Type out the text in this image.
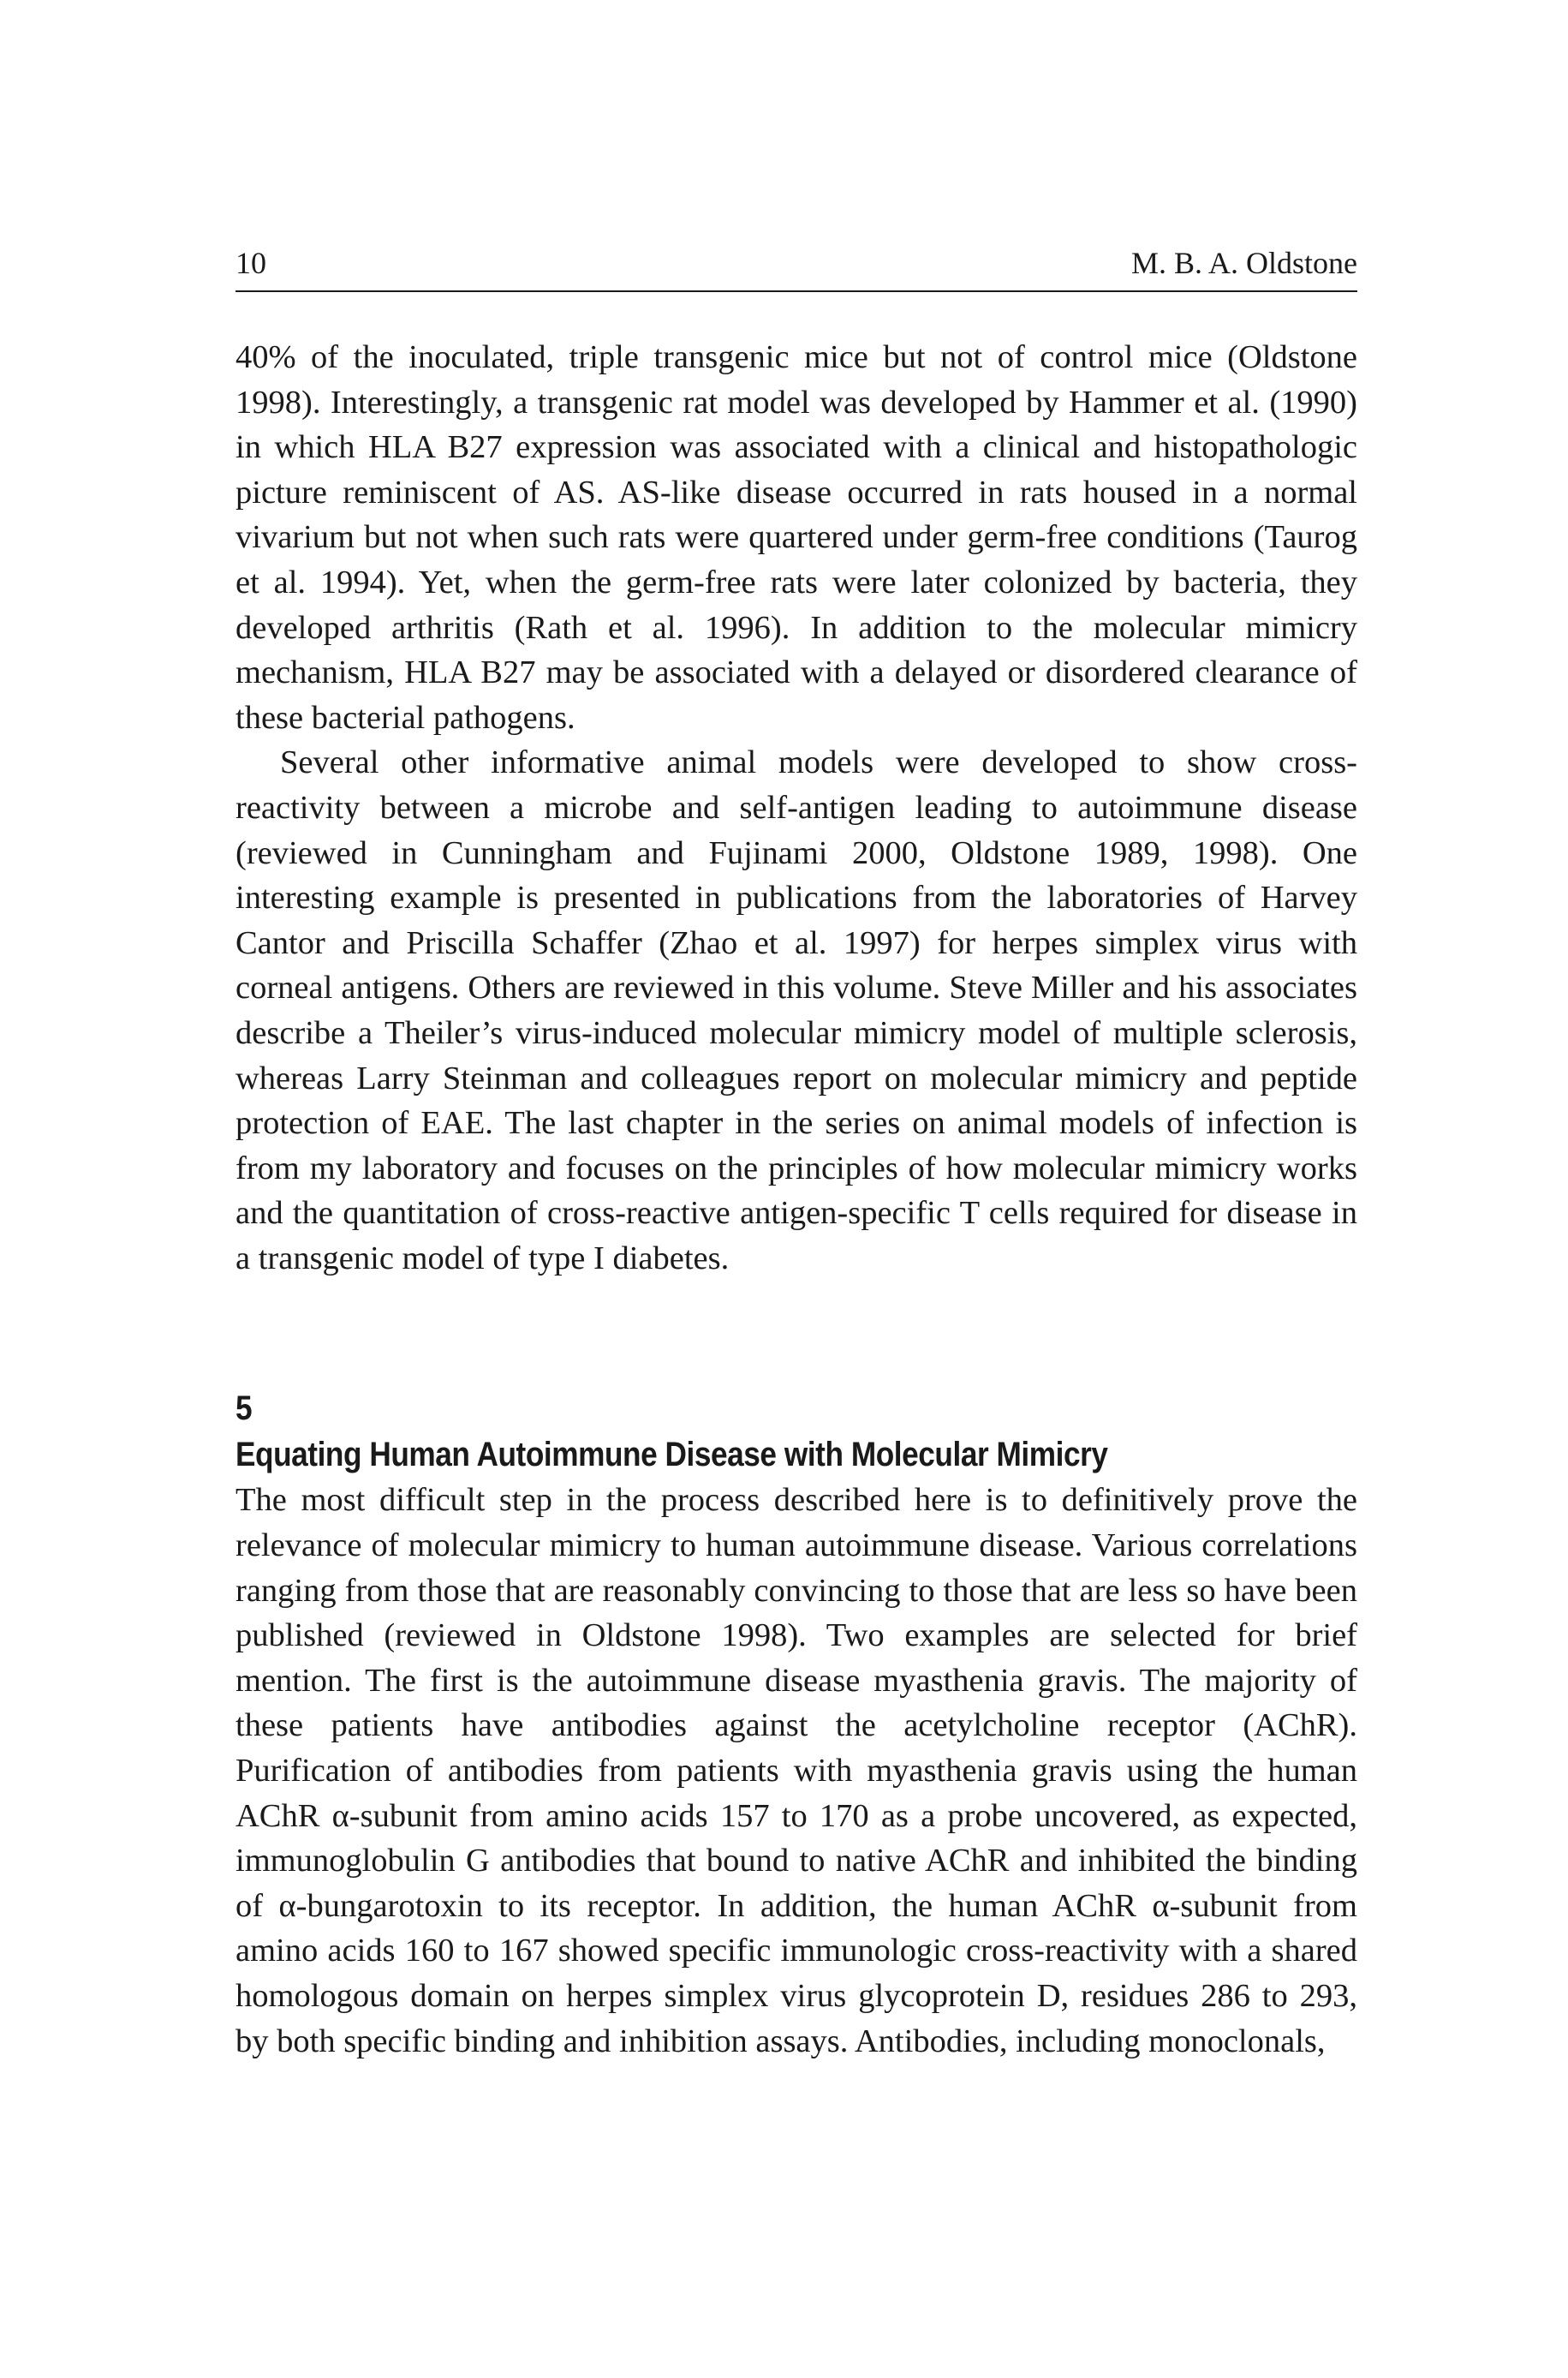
10	M. B. A. Oldstone

40% of the inoculated, triple transgenic mice but not of control mice (Oldstone 1998). Interestingly, a transgenic rat model was developed by Hammer et al. (1990) in which HLA B27 expression was associated with a clinical and histopathologic picture reminiscent of AS. AS-like disease occurred in rats housed in a normal vivarium but not when such rats were quartered under germ-free conditions (Taurog et al. 1994). Yet, when the germ-free rats were later colonized by bacteria, they developed arthritis (Rath et al. 1996). In addition to the molecular mimicry mechanism, HLA B27 may be associated with a delayed or disordered clearance of these bacterial pathogens.

Several other informative animal models were developed to show cross-reactivity between a microbe and self-antigen leading to autoimmune disease (reviewed in Cunningham and Fujinami 2000, Oldstone 1989, 1998). One interesting example is presented in publications from the laboratories of Harvey Cantor and Priscilla Schaffer (Zhao et al. 1997) for herpes simplex virus with corneal antigens. Others are reviewed in this volume. Steve Miller and his associates describe a Theiler’s virus-induced molecular mimicry model of multiple sclerosis, whereas Larry Steinman and colleagues report on molecular mimicry and peptide protection of EAE. The last chapter in the series on animal models of infection is from my laboratory and focuses on the principles of how molecular mimicry works and the quantitation of cross-reactive antigen-specific T cells required for disease in a transgenic model of type I diabetes.

5
Equating Human Autoimmune Disease with Molecular Mimicry

The most difficult step in the process described here is to definitively prove the relevance of molecular mimicry to human autoimmune disease. Various correlations ranging from those that are reasonably convincing to those that are less so have been published (reviewed in Oldstone 1998). Two examples are selected for brief mention. The first is the autoimmune disease myasthenia gravis. The majority of these patients have antibodies against the acetylcholine receptor (AChR). Purification of antibodies from patients with myasthenia gravis using the human AChR α-subunit from amino acids 157 to 170 as a probe uncovered, as expected, immunoglobulin G antibodies that bound to native AChR and inhibited the binding of α-bungarotoxin to its receptor. In addition, the human AChR α-subunit from amino acids 160 to 167 showed specific immunologic cross-reactivity with a shared homologous domain on herpes simplex virus glycoprotein D, residues 286 to 293, by both specific binding and inhibition assays. Antibodies, including monoclonals,
